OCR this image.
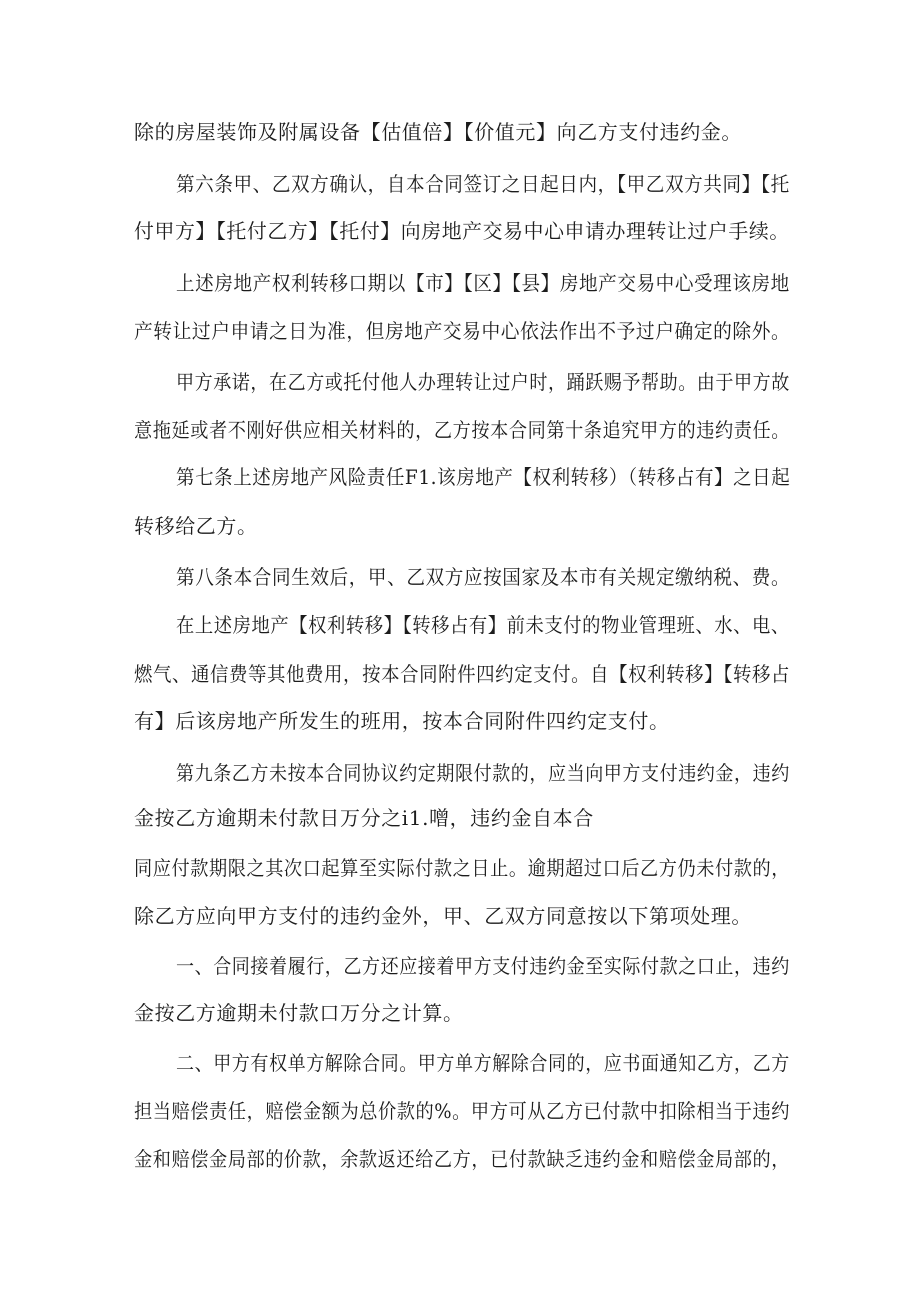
除的房屋装饰及附属设备【估值倍】【价值元】向乙方支付违约金。

第六条甲、乙双方确认，自本合同签订之日起日内，【甲乙双方共同】【托

付甲方】【托付乙方】【托付】向房地产交易中心申请办理转让过户手续。

上述房地产权利转移口期以【市】【区】【县】房地产交易中心受理该房地

产转让过户申请之日为准，但房地产交易中心依法作出不予过户确定的除外。

甲方承诺，在乙方或托付他人办理转让过户时，踊跃赐予帮助。由于甲方故

意拖延或者不刚好供应相关材料的，乙方按本合同第十条追究甲方的违约责任。

第七条上述房地产风险责任F1.该房地产【权利转移）（转移占有】之日起

转移给乙方。

第八条本合同生效后，甲、乙双方应按国家及本市有关规定缴纳税、费。

在上述房地产【权利转移】【转移占有】前未支付的物业管理班、水、电、

燃气、通信费等其他费用，按本合同附件四约定支付。自【权利转移】【转移占

有】后该房地产所发生的班用，按本合同附件四约定支付。

第九条乙方未按本合同协议约定期限付款的，应当向甲方支付违约金，违约

金按乙方逾期未付款日万分之i1.噌，违约金自本合

同应付款期限之其次口起算至实际付款之日止。逾期超过口后乙方仍未付款的，

除乙方应向甲方支付的违约金外，甲、乙双方同意按以下第项处理。

一、合同接着履行，乙方还应接着甲方支付违约金至实际付款之口止，违约

金按乙方逾期未付款口万分之计算。

二、甲方有权单方解除合同。甲方单方解除合同的，应书面通知乙方，乙方

担当赔偿责任，赔偿金额为总价款的%。甲方可从乙方已付款中扣除相当于违约

金和赔偿金局部的价款，余款返还给乙方，已付款缺乏违约金和赔偿金局部的，
